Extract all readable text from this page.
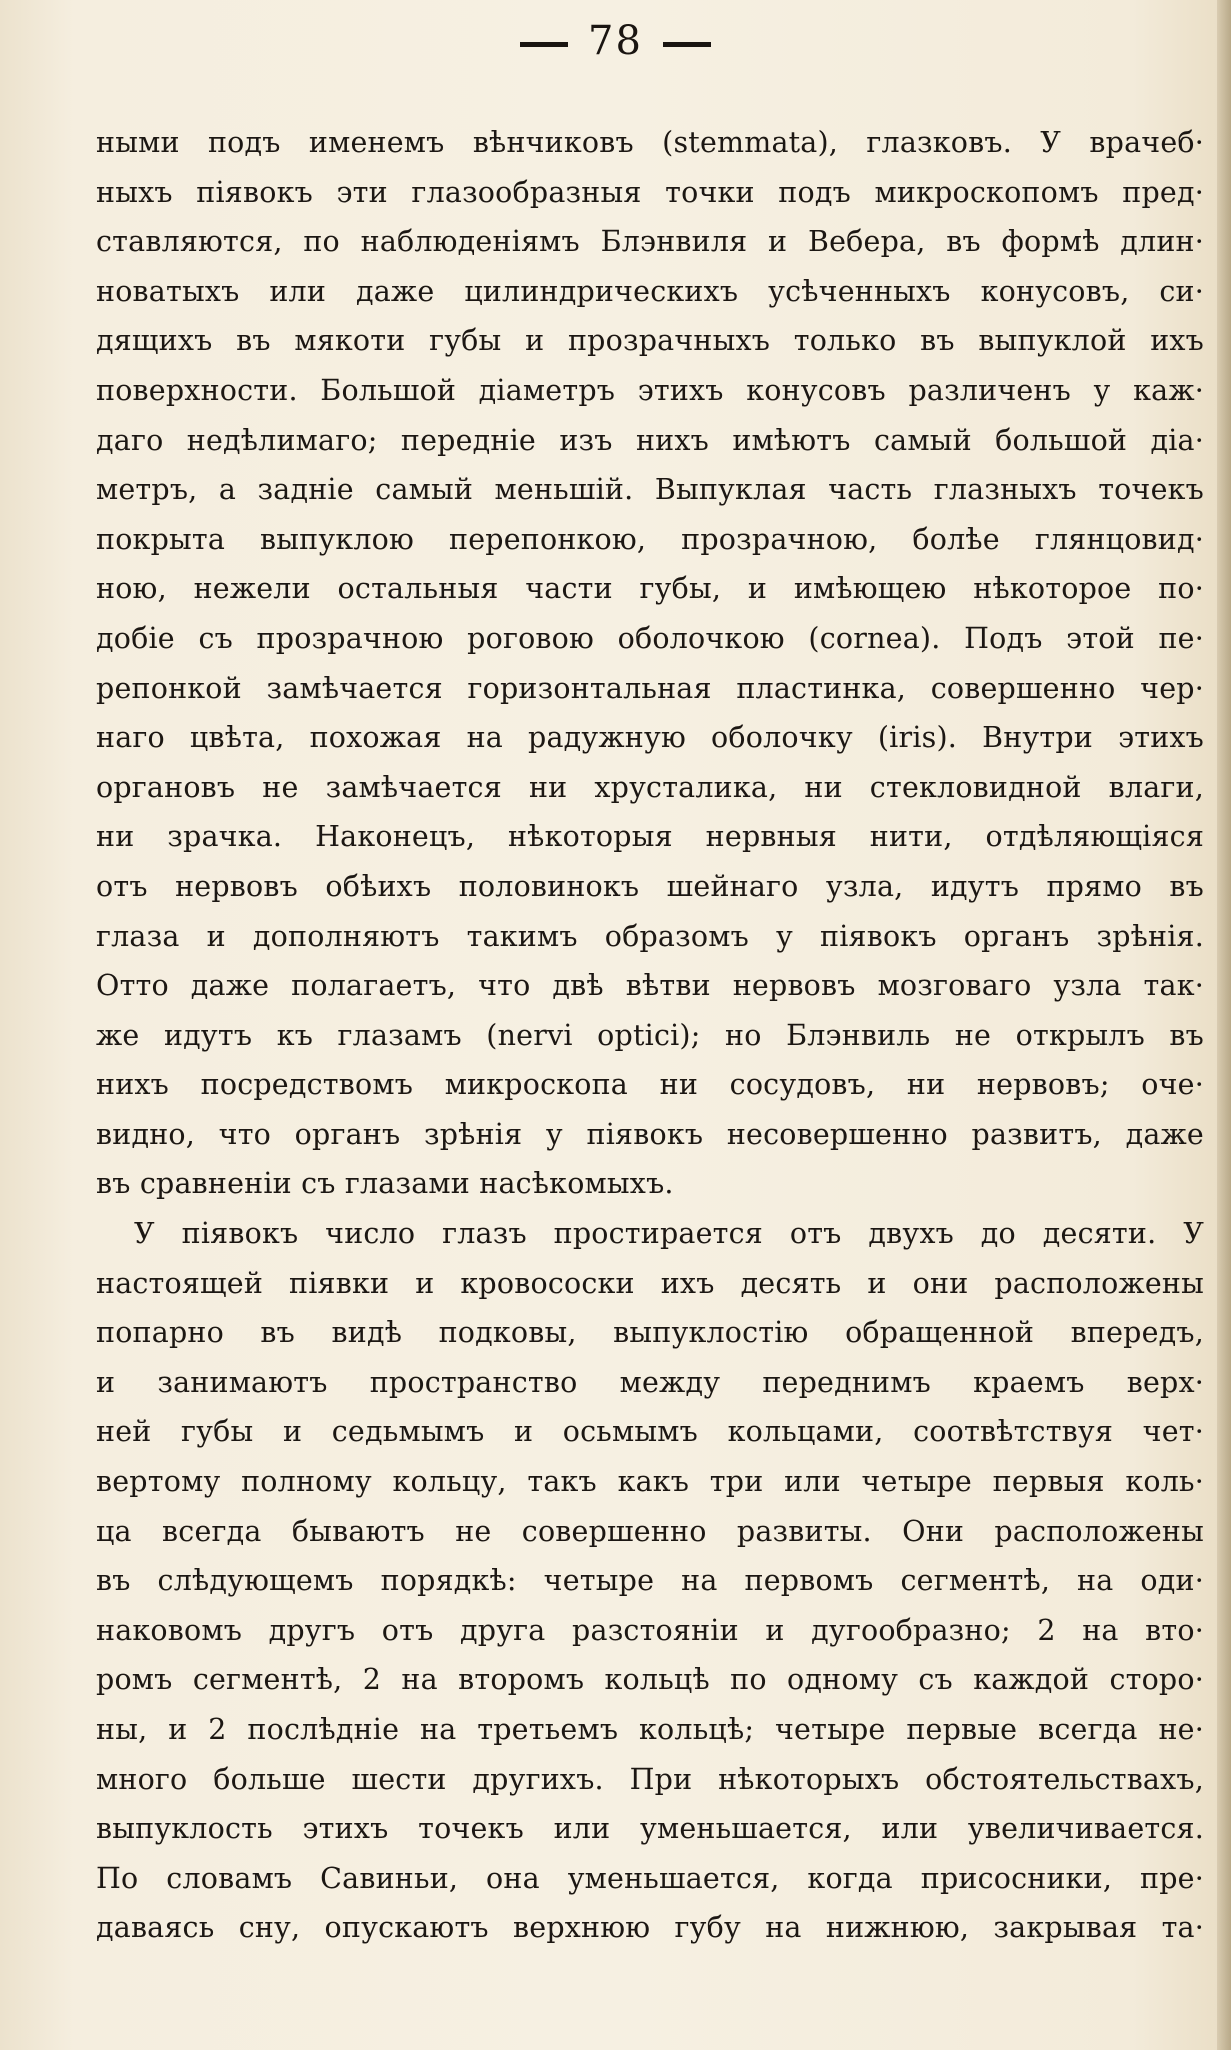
78
ными подъ именемъ вѣнчиковъ (stemmata), глазковъ. У врачеб·
ныхъ піявокъ эти глазообразныя точки подъ микроскопомъ пред·
ставляются, по наблюденіямъ Блэнвиля и Вебера, въ формѣ длин·
новатыхъ или даже цилиндрическихъ усѣченныхъ конусовъ, си·
дящихъ въ мякоти губы и прозрачныхъ только въ выпуклой ихъ
поверхности. Большой діаметръ этихъ конусовъ различенъ у каж·
даго недѣлимаго; передніе изъ нихъ имѣютъ самый большой діа·
метръ, а задніе самый меньшій. Выпуклая часть глазныхъ точекъ
покрыта выпуклою перепонкою, прозрачною, болѣе глянцовид·
ною, нежели остальныя части губы, и имѣющею нѣкоторое по·
добіе съ прозрачною роговою оболочкою (cornea). Подъ этой пе·
репонкой замѣчается горизонтальная пластинка, совершенно чер·
наго цвѣта, похожая на радужную оболочку (iris). Внутри этихъ
органовъ не замѣчается ни хрусталика, ни стекловидной влаги,
ни зрачка. Наконецъ, нѣкоторыя нервныя нити, отдѣляющіяся
отъ нервовъ обѣихъ половинокъ шейнаго узла, идутъ прямо въ
глаза и дополняютъ такимъ образомъ у піявокъ органъ зрѣнія.
Отто даже полагаетъ, что двѣ вѣтви нервовъ мозговаго узла так·
же идутъ къ глазамъ (nervi optici); но Блэнвиль не открылъ въ
нихъ посредствомъ микроскопа ни сосудовъ, ни нервовъ; оче·
видно, что органъ зрѣнія у піявокъ несовершенно развитъ, даже
въ сравненіи съ глазами насѣкомыхъ.
У піявокъ число глазъ простирается отъ двухъ до десяти. У
настоящей піявки и кровососки ихъ десять и они расположены
попарно въ видѣ подковы, выпуклостію обращенной впередъ,
и занимаютъ пространство между переднимъ краемъ верх·
ней губы и седьмымъ и осьмымъ кольцами, соотвѣтствуя чет·
вертому полному кольцу, такъ какъ три или четыре первыя коль·
ца всегда бываютъ не совершенно развиты. Они расположены
въ слѣдующемъ порядкѣ: четыре на первомъ сегментѣ, на оди·
наковомъ другъ отъ друга разстояніи и дугообразно; 2 на вто·
ромъ сегментѣ, 2 на второмъ кольцѣ по одному съ каждой сторо·
ны, и 2 послѣдніе на третьемъ кольцѣ; четыре первые всегда не·
много больше шести другихъ. При нѣкоторыхъ обстоятельствахъ,
выпуклость этихъ точекъ или уменьшается, или увеличивается.
По словамъ Савиньи, она уменьшается, когда присосники, пре·
даваясь сну, опускаютъ верхнюю губу на нижнюю, закрывая та·
